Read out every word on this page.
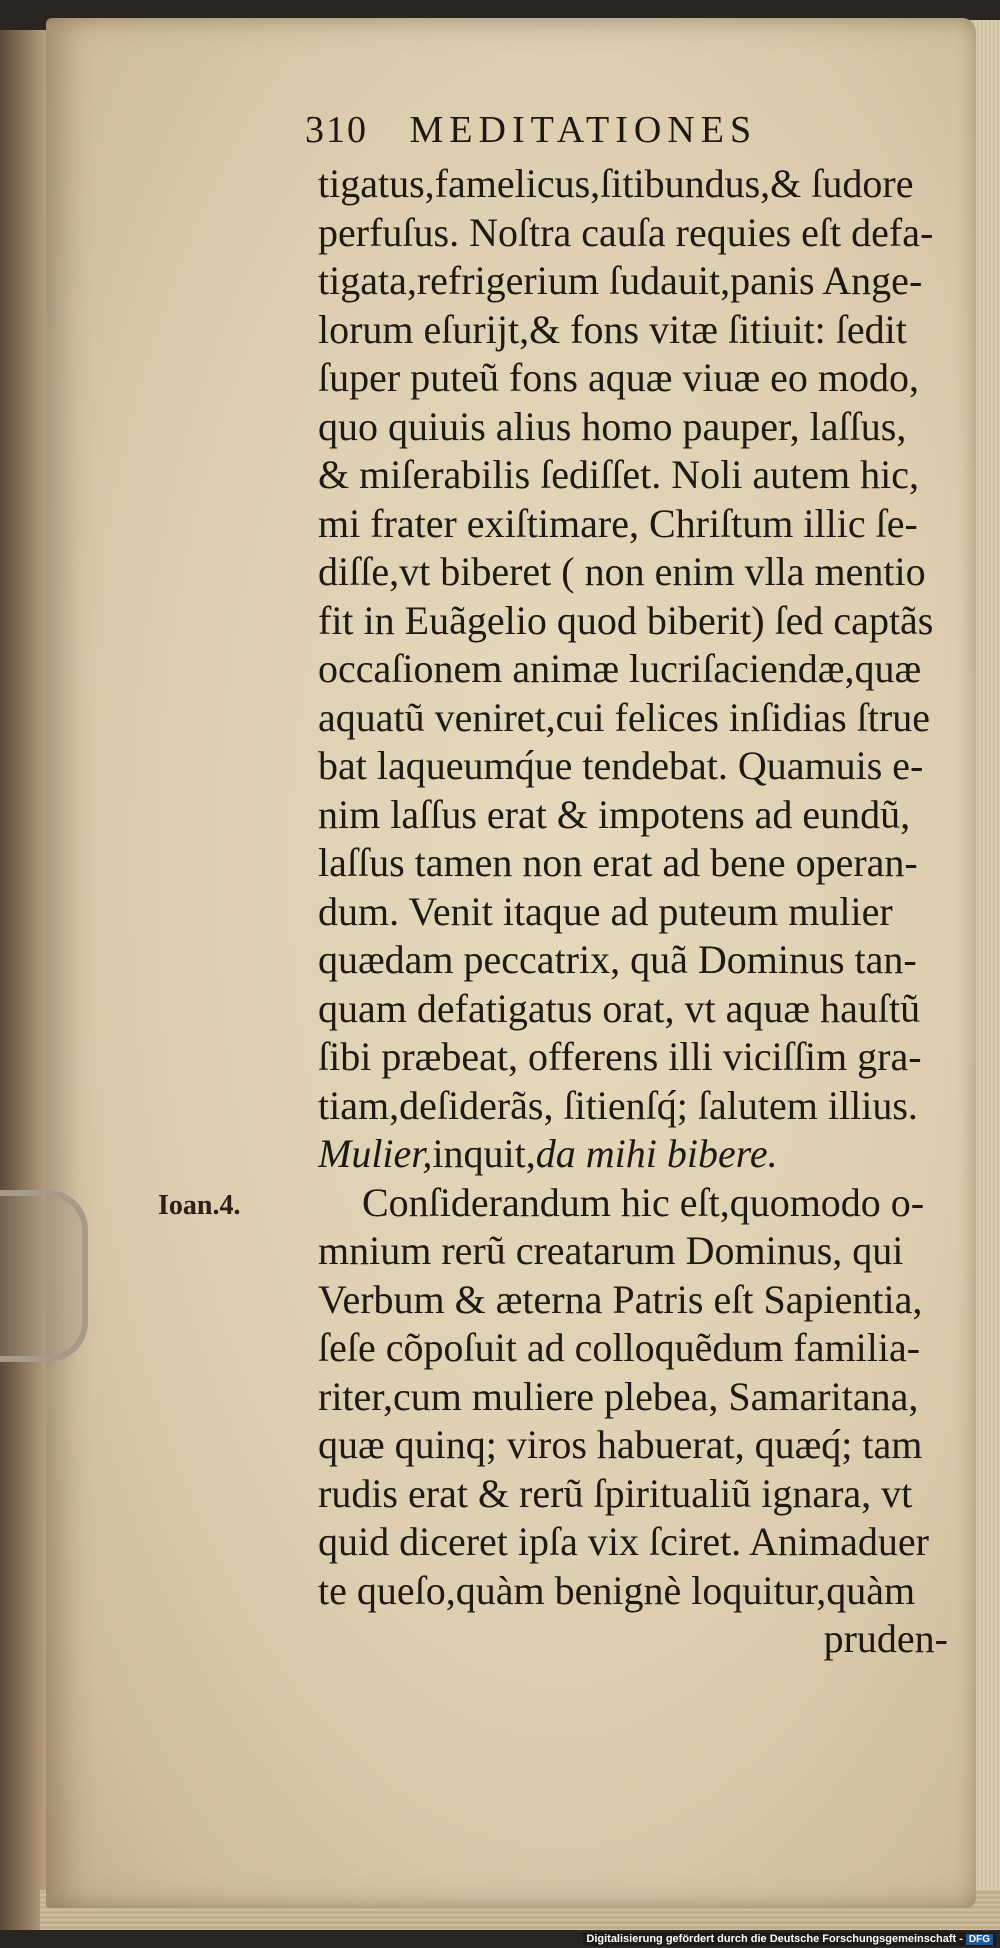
310 MEDITATIONES
Ioan.4.
tigatus,famelicus,ſitibundus,& ſudore
perfuſus. Noſtra cauſa requies eſt defa-
tigata,refrigerium ſudauit,panis Ange-
lorum eſuriјt,& fons vitæ ſitiuit: ſedit
ſuper puteũ fons aquæ viuæ eo modo,
quo quiuis alius homo pauper, laſſus,
& miſerabilis ſediſſet. Noli autem hic,
mi frater exiſtimare, Chriſtum illic ſe-
diſſe,vt biberet ( non enim vlla mentio
fit in Euãgelio quod biberit) ſed captãs
occaſionem animæ lucriſaciendæ,quæ
aquatũ veniret,cui felices inſidias ſtrue
bat laqueumq́ue tendebat. Quamuis e-
nim laſſus erat & impotens ad eundũ,
laſſus tamen non erat ad bene operan-
dum. Venit itaque ad puteum mulier
quædam peccatrix, quã Dominus tan-
quam defatigatus orat, vt aquæ hauſtũ
ſibi præbeat, offerens illi viciſſim gra-
tiam,deſiderãs, ſitienſq́; ſalutem illius.
Mulier,inquit,da mihi bibere.
Conſiderandum hic eſt,quomodo o-
mnium rerũ creatarum Dominus, qui
Verbum & æterna Patris eſt Sapientia,
ſeſe cõpoſuit ad colloquẽdum familia-
riter,cum muliere plebea, Samaritana,
quæ quinq; viros habuerat, quæq́; tam
rudis erat & rerũ ſpiritualiũ ignara, vt
quid diceret ipſa vix ſciret. Animaduer
te queſo,quàm benignè loquitur,quàm
pruden-
Digitalisierung gefördert durch die Deutsche Forschungsgemeinschaft - DFG
